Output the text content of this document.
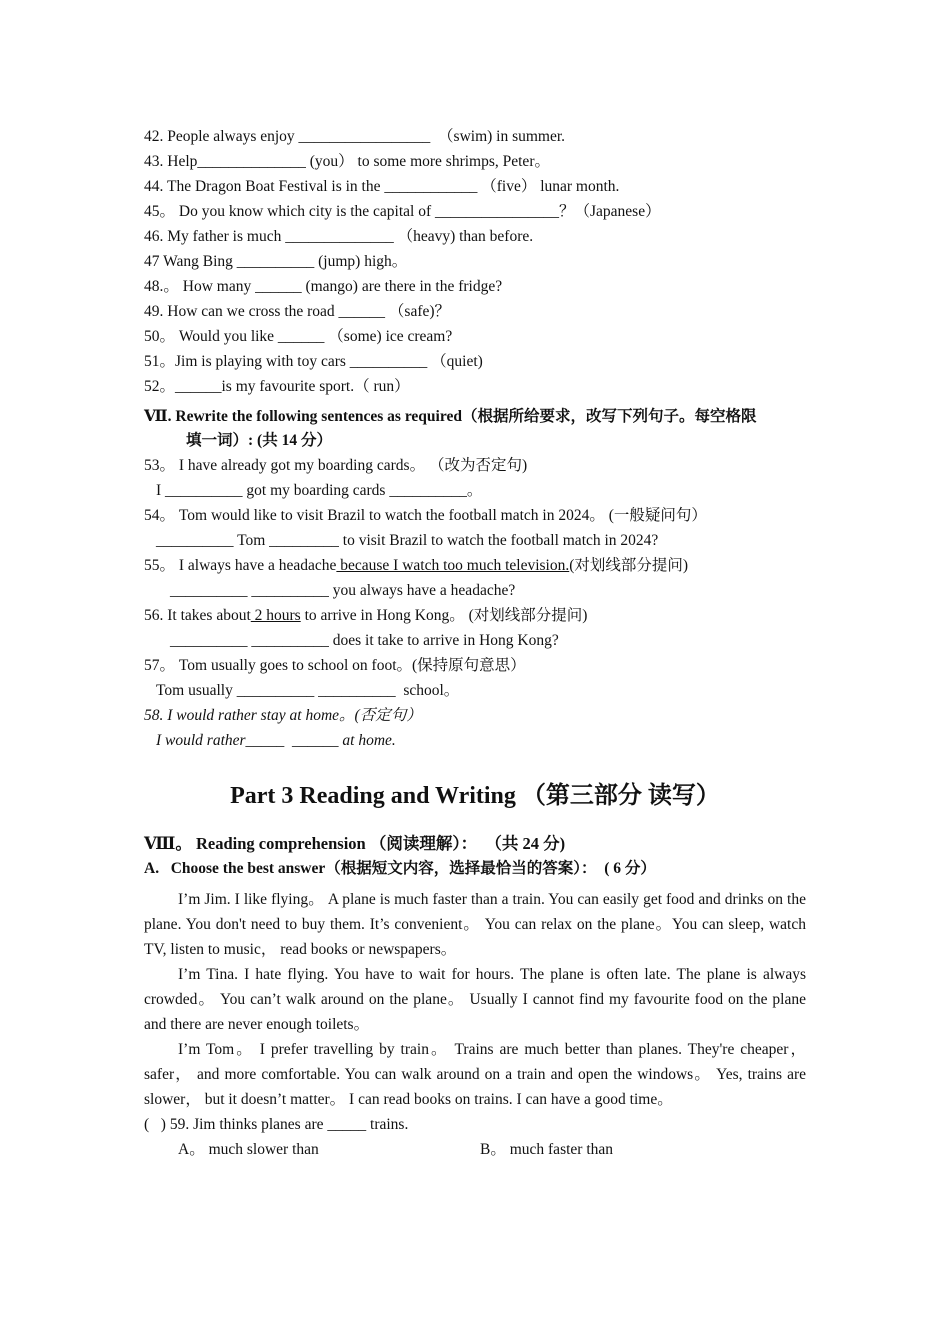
42. People always enjoy _________________  （swim) in summer.
43. Help______________ (you） to some more shrimps, Peter。
44. The Dragon Boat Festival is in the ____________ （five） lunar month.
45。 Do you know which city is the capital of ________________？（Japanese）
46. My father is much ______________ （heavy) than before.
47 Wang Bing __________ (jump) high。
48.。 How many ______ (mango) are there in the fridge?
49. How can we cross the road ______ （safe)？
50。 Would you like ______ （some) ice cream?
51。Jim is playing with toy cars __________ （quiet)
52。______is my favourite sport.（ run）
Ⅶ. Rewrite the following sentences as required（根据所给要求，改写下列句子。每空格限
填一词）: (共 14 分）
53。 I have already got my boarding cards。 （改为否定句)
I __________ got my boarding cards __________。
54。 Tom would like to visit Brazil to watch the football match in 2024。 (一般疑问句）
__________ Tom _________ to visit Brazil to watch the football match in 2024?
55。 I always have a headache because I watch too much television.(对划线部分提问)
__________ __________ you always have a headache?
56. It takes about 2 hours to arrive in Hong Kong。 (对划线部分提问)
__________ __________ does it take to arrive in Hong Kong?
57。 Tom usually goes to school on foot。(保持原句意思）
Tom usually __________ __________  school。
58. I would rather stay at home。(否定句）
I would rather_____  ______ at home.
Part 3 Reading and Writing （第三部分 读写）
Ⅷ。 Reading comprehension （阅读理解）：  （共 24 分)
A.   Choose the best answer（根据短文内容，选择最恰当的答案）：  ( 6 分）

I’m Jim. I like flying。 A plane is much faster than a train. You can easily get food and drinks on the plane. You don't need to buy them. It’s convenient。 You can relax on the plane。You can sleep, watch TV, listen to music， read books or newspapers。

I’m Tina. I hate flying. You have to wait for hours. The plane is often late. The plane is always crowded。 You can’t walk around on the plane。 Usually I cannot find my favourite food on the plane and there are never enough toilets。

I’m Tom。 I prefer travelling by train。 Trains are much better than planes. They're cheaper， safer， and more comfortable. You can walk around on a train and open the windows。 Yes, trains are slower， but it doesn’t matter。 I can read books on trains. I can have a good time。

(   ) 59. Jim thinks planes are _____ trains.
A。 much slower than	B。 much faster than
